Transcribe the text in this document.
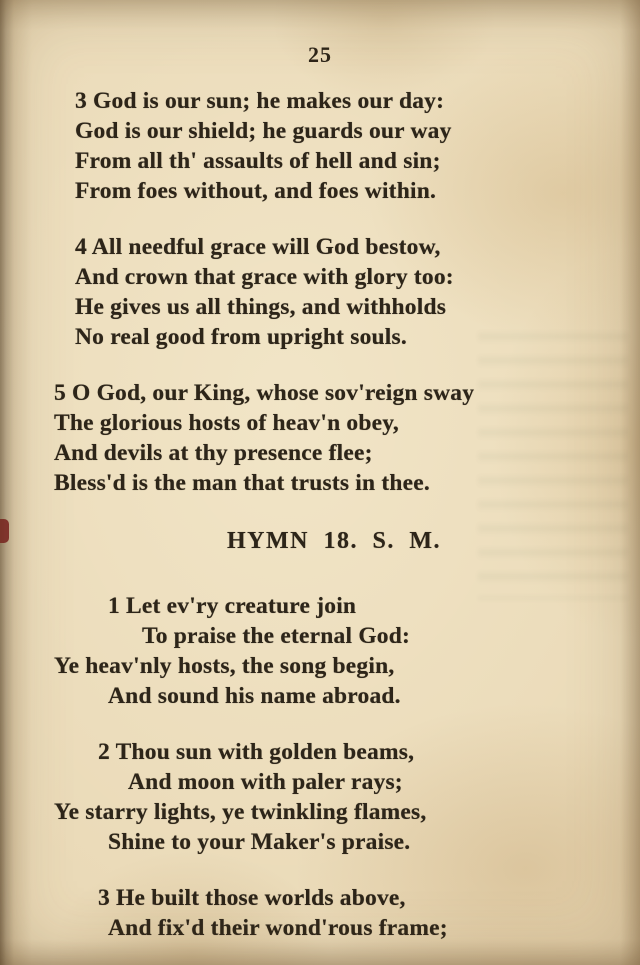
25

3 God is our sun; he makes our day:

God is our shield; he guards our way

From all th' assaults of hell and sin;

From foes without, and foes within.

4 All needful grace will God bestow,

And crown that grace with glory too:

He gives us all things, and withholds

No real good from upright souls.

5 O God, our King, whose sov'reign sway

The glorious hosts of heav'n obey,

And devils at thy presence flee;

Bless'd is the man that trusts in thee.

HYMN 18. S. M.

1 Let ev'ry creature join

To praise the eternal God:

Ye heav'nly hosts, the song begin,

And sound his name abroad.

2 Thou sun with golden beams,

And moon with paler rays;

Ye starry lights, ye twinkling flames,

Shine to your Maker's praise.

3 He built those worlds above,

And fix'd their wond'rous frame;
